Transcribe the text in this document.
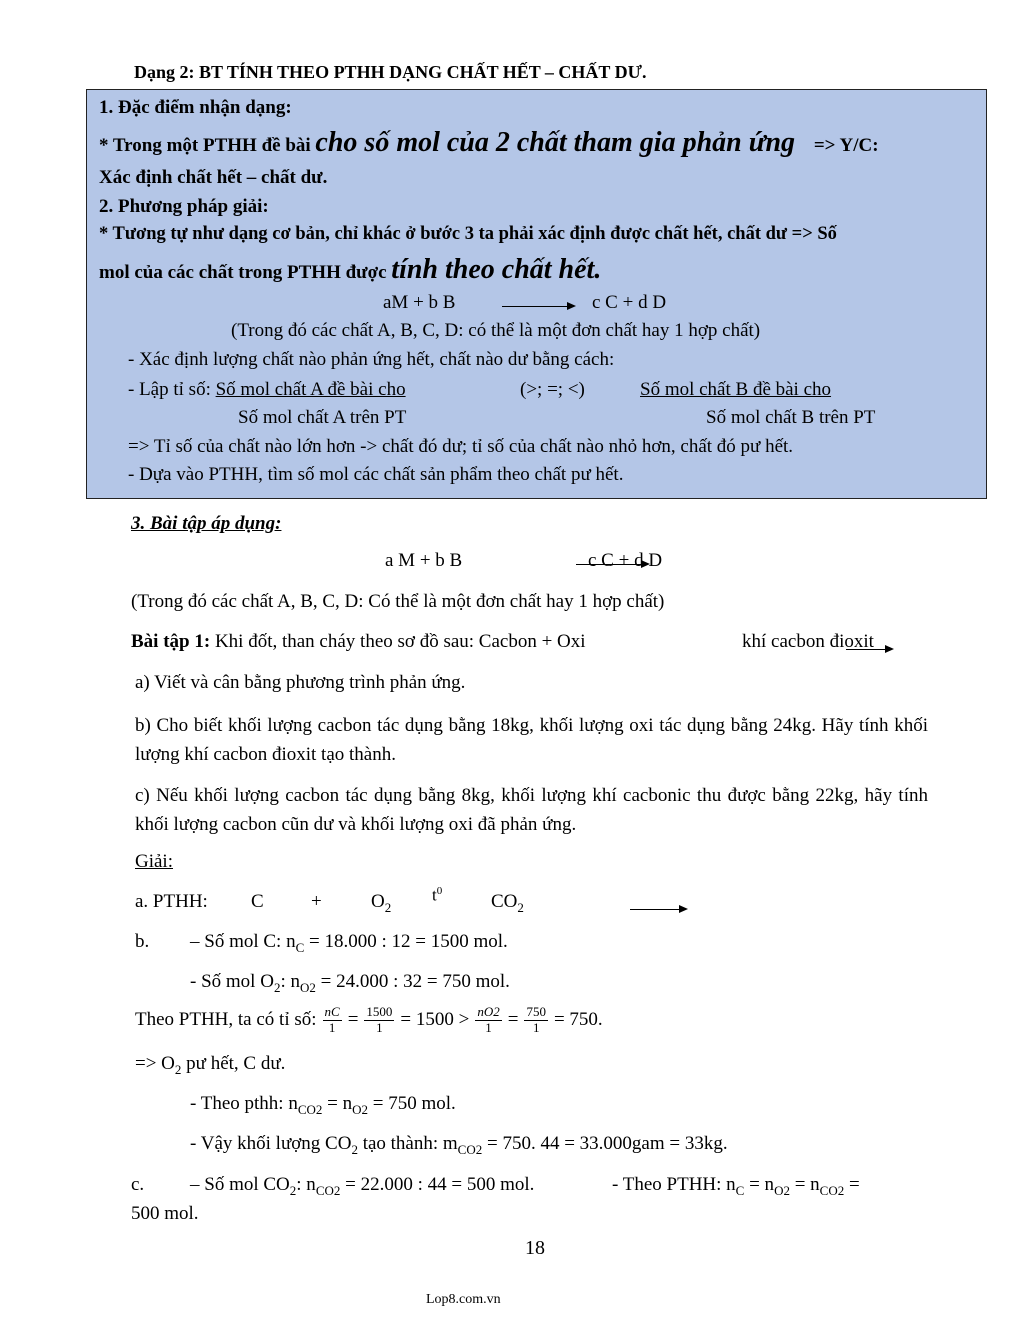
Dạng 2: BT TÍNH THEO PTHH DẠNG CHẤT HẾT – CHẤT DƯ.
1. Đặc điểm nhận dạng:
* Trong một PTHH đề bài cho số mol của 2 chất tham gia phản ứng => Y/C:
Xác định chất hết – chất dư.
2. Phương pháp giải:
* Tương tự như dạng cơ bản, chỉ khác ở bước 3 ta phải xác định được chất hết, chất dư => Số
mol của các chất trong PTHH được tính theo chất hết.
aM + b B
	c C + d D
(Trong đó các chất A, B, C, D: có thể là một đơn chất hay 1 hợp chất)
- Xác định lượng chất nào phản ứng hết, chất nào dư bằng cách:
- Lập tỉ số: Số mol chất A đề bài cho	(>; =; <)	Số mol chất B đề bài cho
Số mol chất A trên PT	Số mol chất B trên PT
=> Tỉ số của chất nào lớn hơn -> chất đó dư; tỉ số của chất nào nhỏ hơn, chất đó pư hết.
- Dựa vào PTHH, tìm số mol các chất sản phẩm theo chất pư hết.
3. Bài tập áp dụng:
a M + b B
	c C + d D
(Trong đó các chất A, B, C, D: Có thể là một đơn chất hay 1 hợp chất)
Bài tập 1: Khi đốt, than cháy theo sơ đồ sau: Cacbon + Oxi
	khí cacbon đioxit
a) Viết và cân bằng phương trình phản ứng.
b) Cho biết khối lượng cacbon tác dụng bằng 18kg, khối lượng oxi tác dụng bằng 24kg. Hãy tính khối lượng khí cacbon đioxit tạo thành.
c) Nếu khối lượng cacbon tác dụng bằng 8kg, khối lượng khí cacbonic thu được bằng 22kg, hãy tính khối lượng cacbon cũn dư và khối lượng oxi đã phản ứng.
Giải:
a. PTHH: C +	$O_2$
$t^0$	$CO_2$
b. – Số mol C: $n_C = 18.000$ : 12 = 1500 mol.
- Số mol $O_2$: $n_{O2} = 24.000$ : 32 = 750 mol.
Theo PTHH, ta có tỉ số: $\frac{nC}{1} = \frac{1500}{1} = 1500 > \frac{nO2}{1} = \frac{750}{1} = 750$.
=> $O_2$ pư hết, C dư.
- Theo pthh: $n_{CO2} = n_{O2} = 750$ mol.
- Vậy khối lượng $CO_2$ tạo thành: $m_{CO2} = 750$. 44 = 33.000gam = 33kg.
c. – Số mol $CO_2$: $n_{CO2} = 22.000$ : 44 = 500 mol.	- Theo PTHH: $n_C = n_{O2} = n_{CO2}$ =
500 mol.
18
Lop8.com.vn
